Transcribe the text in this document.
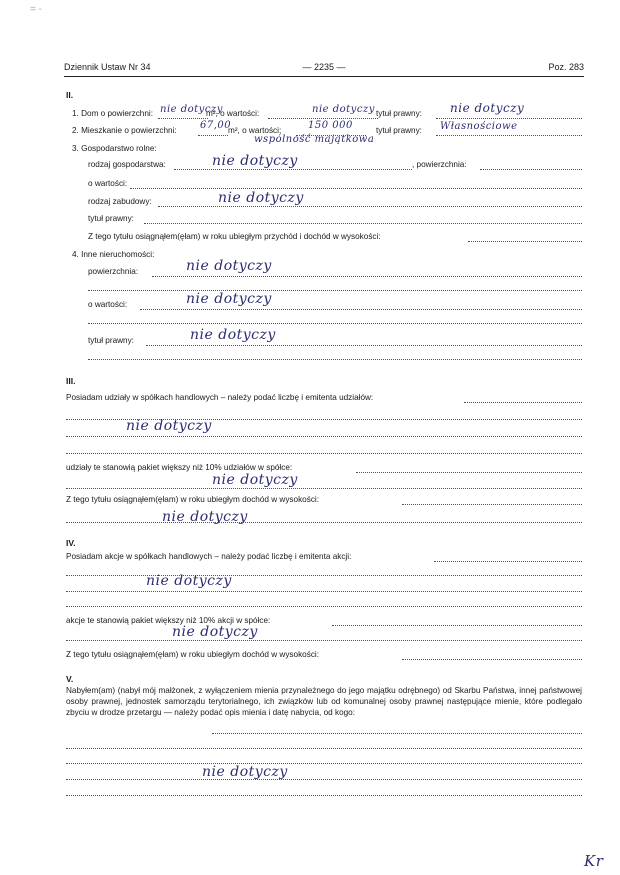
= -
Dziennik Ustaw Nr 34	— 2235 —	Poz. 283
II.
1. Dom o powierzchni: nie dotyczy
m², o wartości:	nie dotyczy tytuł prawny: nie dotyczy
2. Mieszkanie o powierzchni: 67,00
m², o wartości:	150 000	tytuł prawny: Własnościowe
wspólność majątkowa
3. Gospodarstwo rolne:
rodzaj gospodarstwa:	nie dotyczy	, powierzchnia:
o wartości:
rodzaj zabudowy:	nie dotyczy
tytuł prawny:
Z tego tytułu osiągnąłem(ęłam) w roku ubiegłym przychód i dochód w wysokości:
4. Inne nieruchomości:
powierzchnia:	nie dotyczy
o wartości:	nie dotyczy
tytuł prawny:	nie dotyczy
III.
Posiadam udziały w spółkach handlowych – należy podać liczbę i emitenta udziałów:
nie dotyczy
udziały te stanowią pakiet większy niż 10% udziałów w spółce:
nie dotyczy
Z tego tytułu osiągnąłem(ęłam) w roku ubiegłym dochód w wysokości:
nie dotyczy
IV.
Posiadam akcje w spółkach handlowych – należy podać liczbę i emitenta akcji:
nie dotyczy
akcje te stanowią pakiet większy niż 10% akcji w spółce:
nie dotyczy
Z tego tytułu osiągnąłem(ęłam) w roku ubiegłym dochód w wysokości:
V.
Nabyłem(am) (nabył mój małżonek, z wyłączeniem mienia przynależnego do jego majątku odrębnego) od Skarbu Państwa, innej państwowej osoby prawnej, jednostek samorządu terytorialnego, ich związków lub od komunalnej osoby prawnej następujące mienie, które podlegało zbyciu w drodze przetargu — należy podać opis mienia i datę nabycia, od kogo:
nie dotyczy
Kr
